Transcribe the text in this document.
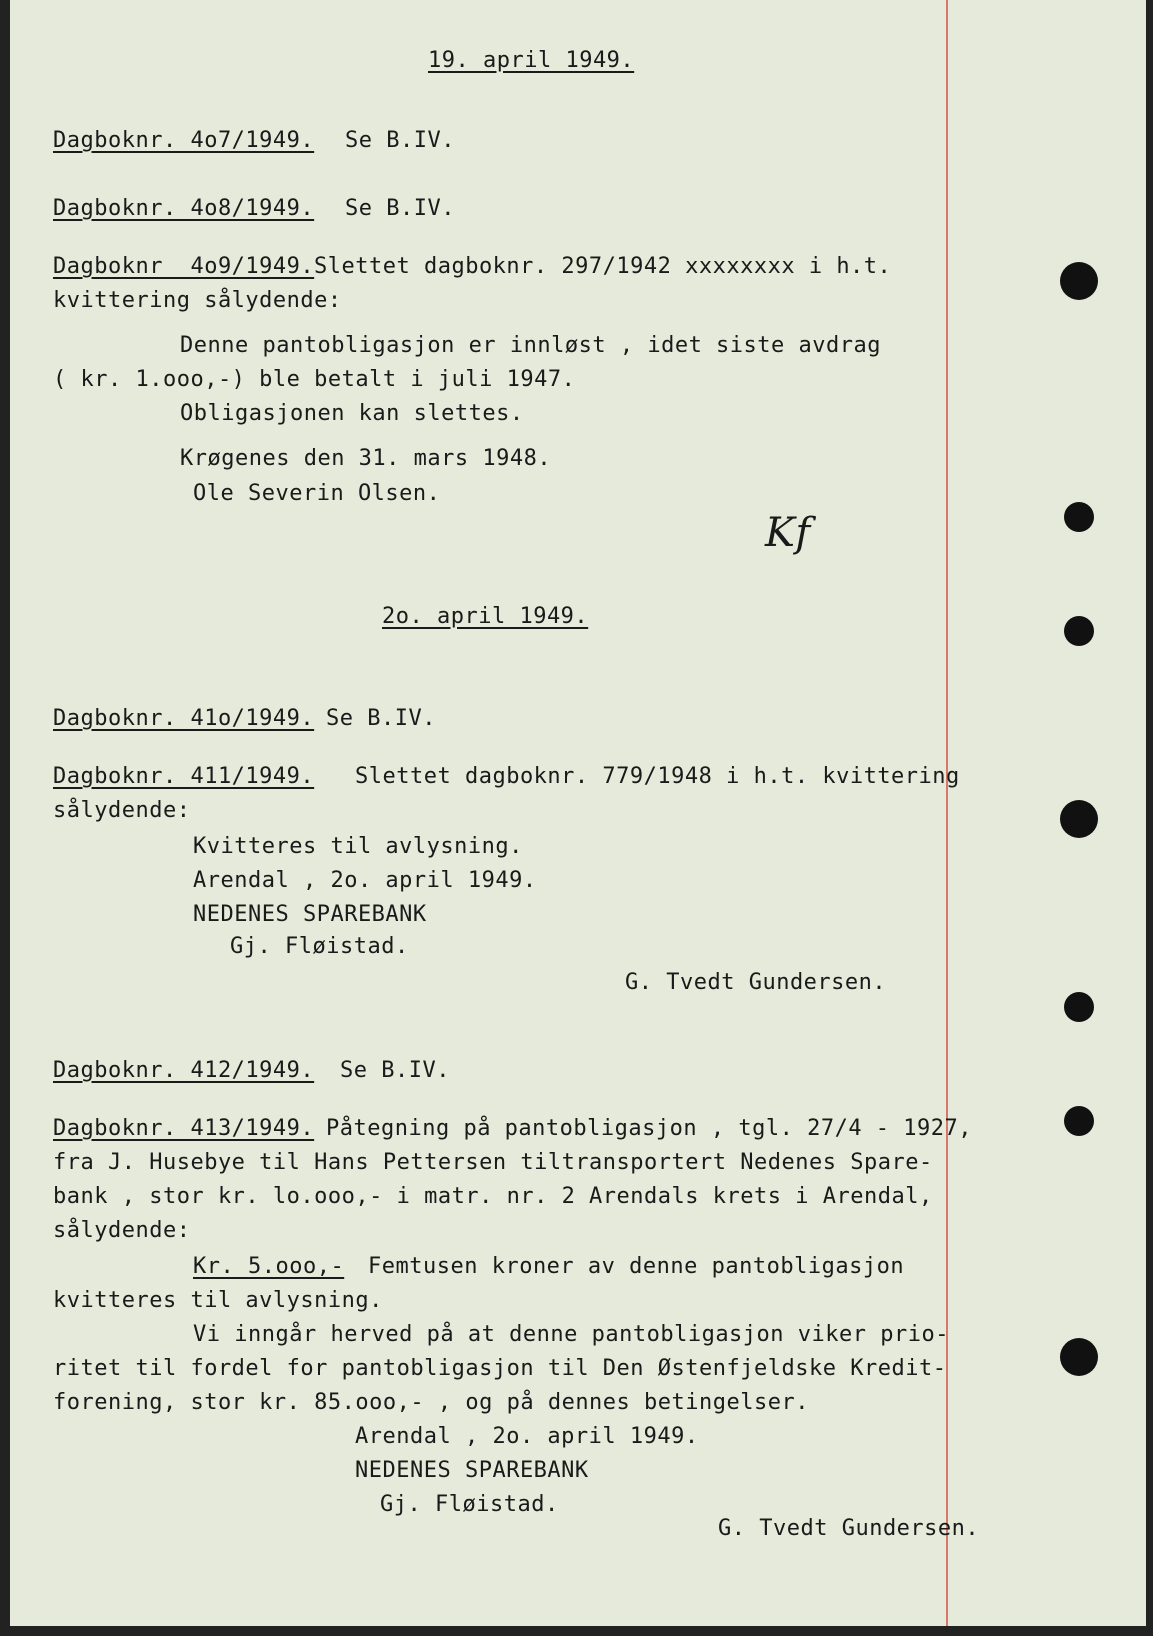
19. april 1949.
Dagboknr. 4o7/1949. Se B.IV.
Dagboknr. 4o8/1949. Se B.IV.
Dagboknr  4o9/1949. Slettet dagboknr. 297/1942 xxxxxxxx i h.t.
kvittering sålydende:
Denne pantobligasjon er innløst , idet siste avdrag
( kr. 1.ooo,-) ble betalt i juli 1947.
Obligasjonen kan slettes.
Krøgenes den 31. mars 1948.
Ole Severin Olsen.
Kf
2o. april 1949.
Dagboknr. 41o/1949. Se B.IV.
Dagboknr. 411/1949. Slettet dagboknr. 779/1948 i h.t. kvittering
sålydende:
Kvitteres til avlysning.
Arendal , 2o. april 1949.
NEDENES SPAREBANK
Gj. Fløistad.
G. Tvedt Gundersen.
Dagboknr. 412/1949. Se B.IV.
Dagboknr. 413/1949. Påtegning på pantobligasjon , tgl. 27/4 - 1927,
fra J. Husebye til Hans Pettersen tiltransportert Nedenes Spare-
bank , stor kr. lo.ooo,- i matr. nr. 2 Arendals krets i Arendal,
sålydende:
Kr. 5.ooo,- Femtusen kroner av denne pantobligasjon
kvitteres til avlysning.
Vi inngår herved på at denne pantobligasjon viker prio-
ritet til fordel for pantobligasjon til Den Østenfjeldske Kredit-
forening, stor kr. 85.ooo,- , og på dennes betingelser.
Arendal , 2o. april 1949.
NEDENES SPAREBANK
Gj. Fløistad.
G. Tvedt Gundersen.
